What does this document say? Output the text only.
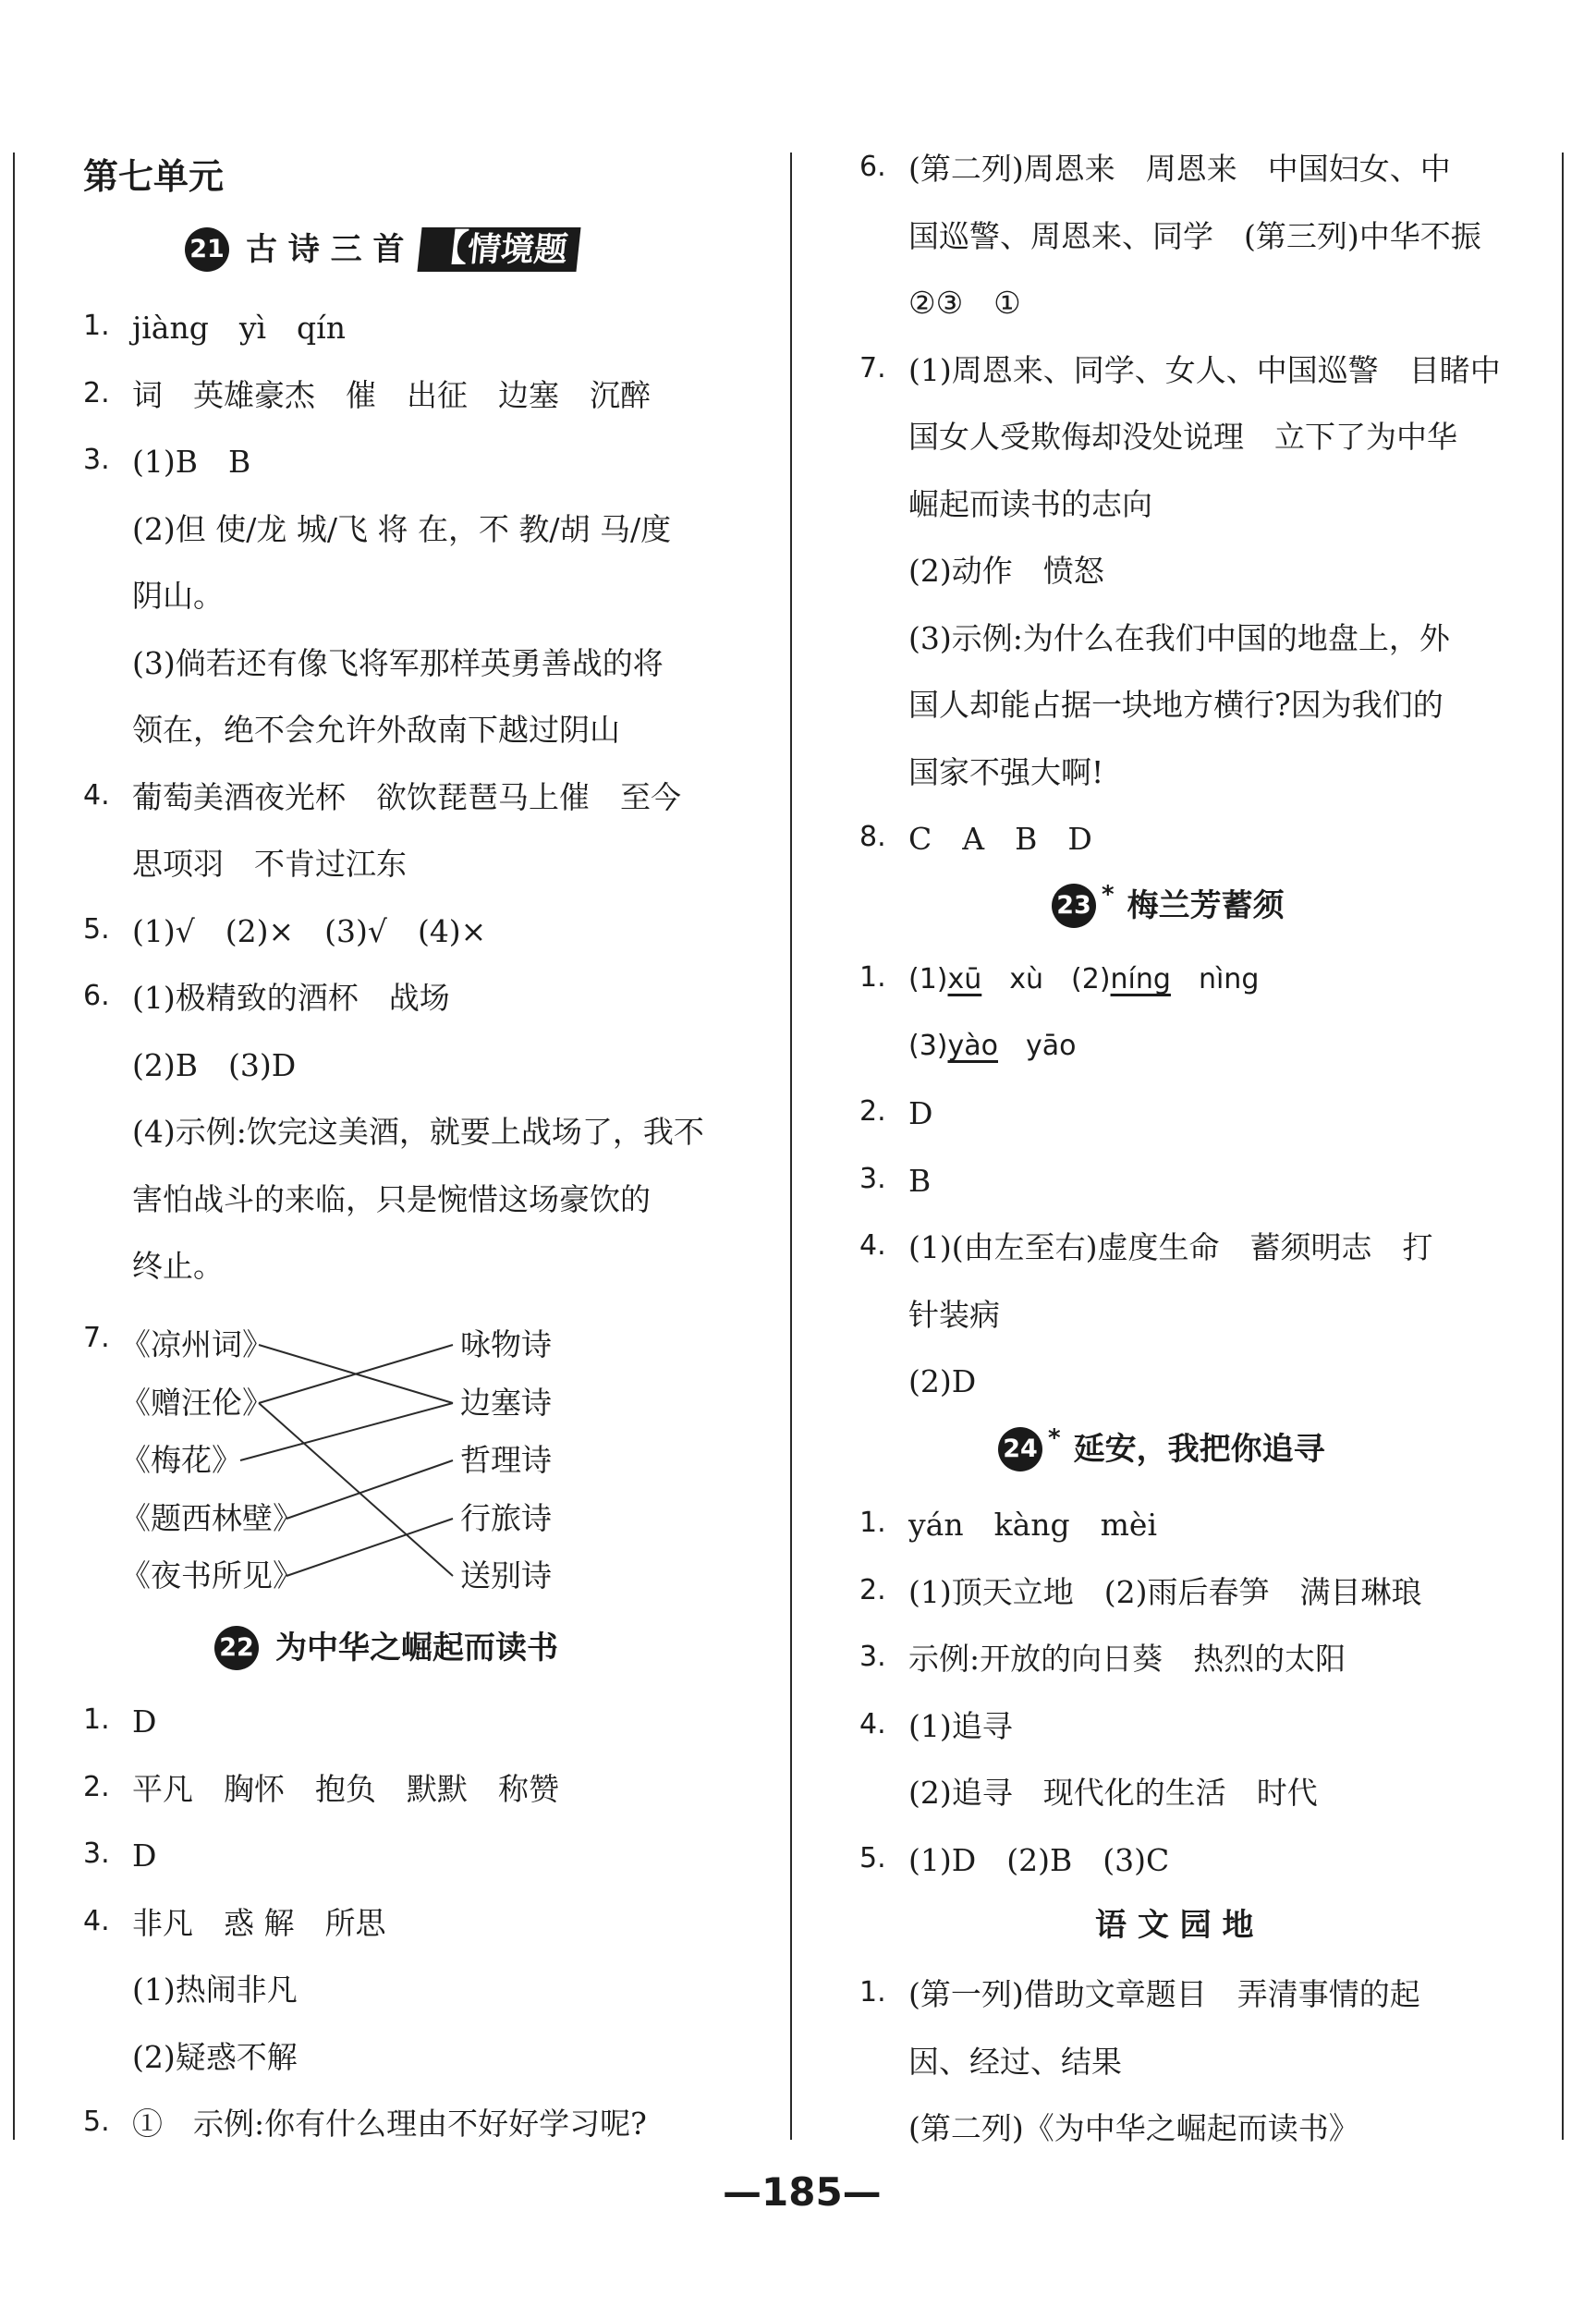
第七单元
21 古 诗 三 首 【情境题
1. jiàng　yì　qín
2. 词　英雄豪杰　催　出征　边塞　沉醉
3. (1)B　B
(2)但 使/龙 城/飞 将 在，不 教/胡 马/度
阴山。
(3)倘若还有像飞将军那样英勇善战的将
领在，绝不会允许外敌南下越过阴山
4. 葡萄美酒夜光杯　欲饮琵琶马上催　至今
思项羽　不肯过江东
5. (1)√　(2)×　(3)√　(4)×
6. (1)极精致的酒杯　战场
(2)B　(3)D
(4)示例:饮完这美酒，就要上战场了，我不
害怕战斗的来临，只是惋惜这场豪饮的
终止。
7. 《凉州词》
《赠汪伦》
《梅花》
《题西林壁》
《夜书所见》
咏物诗
边塞诗
哲理诗
行旅诗
送别诗
22 为中华之崛起而读书
1. D
2. 平凡　胸怀　抱负　默默　称赞
3. D
4. 非凡　惑 解　所思
(1)热闹非凡
(2)疑惑不解
5. ①　示例:你有什么理由不好好学习呢?
6. (第二列)周恩来　周恩来　中国妇女、中
国巡警、周恩来、同学　(第三列)中华不振
②③　①
7. (1)周恩来、同学、女人、中国巡警　目睹中
国女人受欺侮却没处说理　立下了为中华
崛起而读书的志向
(2)动作　愤怒
(3)示例:为什么在我们中国的地盘上，外
国人却能占据一块地方横行?因为我们的
国家不强大啊!
8. C　A　B　D
23 * 梅兰芳蓄须
1. (1)xū　xù　(2)níng　nìng
(3)yào　yāo
2. D
3. B
4. (1)(由左至右)虚度生命　蓄须明志　打
针装病
(2)D
24 * 延安，我把你追寻
1. yán　kàng　mèi
2. (1)顶天立地　(2)雨后春笋　满目琳琅
3. 示例:开放的向日葵　热烈的太阳
4. (1)追寻
(2)追寻　现代化的生活　时代
5. (1)D　(2)B　(3)C
语 文 园 地
1. (第一列)借助文章题目　弄清事情的起
因、经过、结果
(第二列)《为中华之崛起而读书》
—185—
